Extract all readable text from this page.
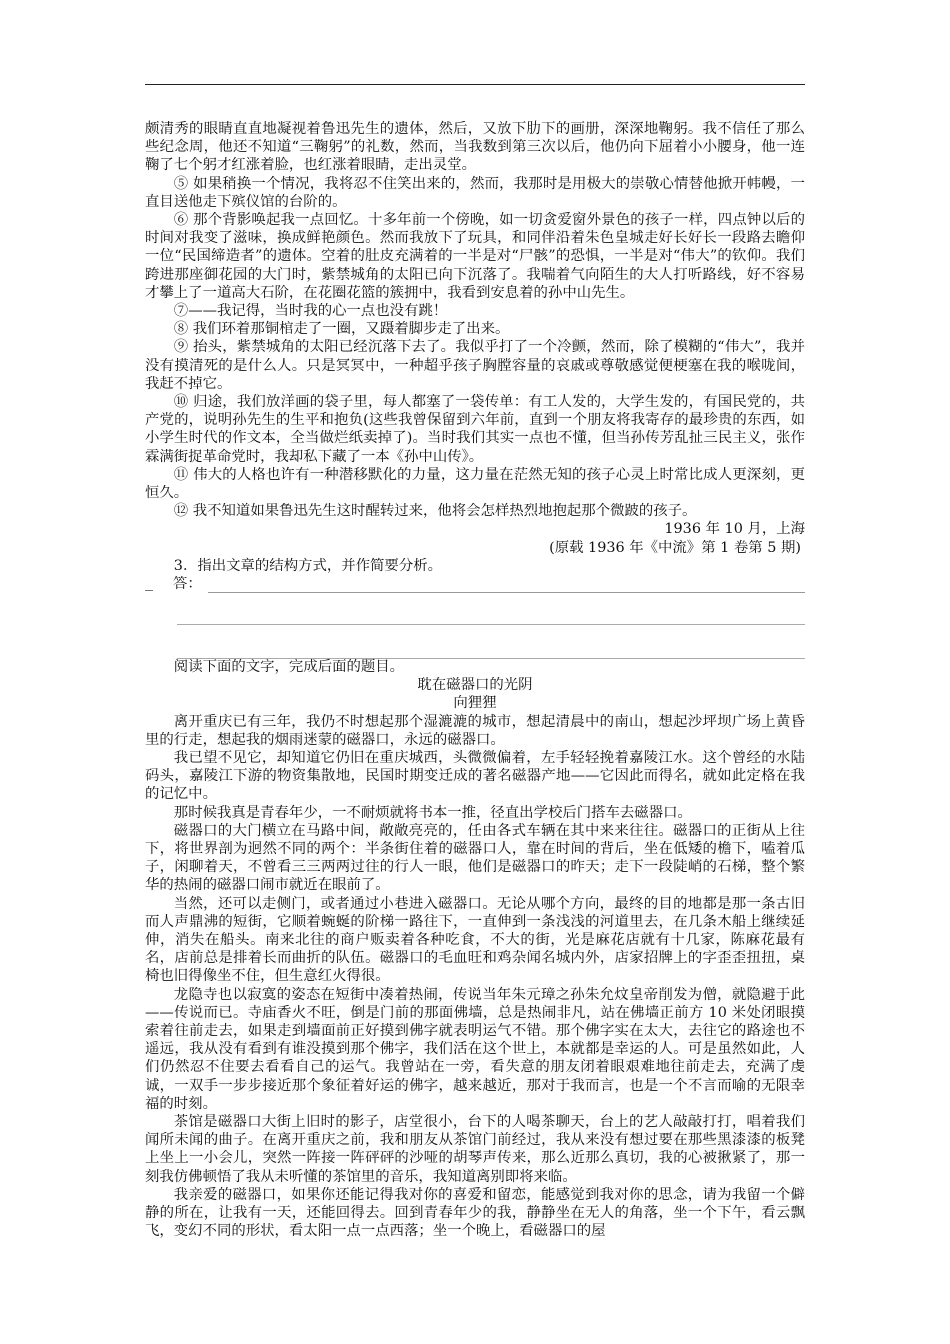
颇清秀的眼睛直直地凝视着鲁迅先生的遗体，然后，又放下肋下的画册，深深地鞠躬。我不信任了那么些纪念周，他还不知道“三鞠躬”的礼数，然而，当我数到第三次以后，他仍向下屈着小小腰身，他一连鞠了七个躬才红涨着脸，也红涨着眼睛，走出灵堂。

⑤ 如果稍换一个情况，我将忍不住笑出来的，然而，我那时是用极大的崇敬心情替他掀开帏幔，一直目送他走下殡仪馆的台阶的。

⑥ 那个背影唤起我一点回忆。十多年前一个傍晚，如一切贪爱窗外景色的孩子一样，四点钟以后的时间对我变了滋味，换成鲜艳颜色。然而我放下了玩具，和同伴沿着朱色皇城走好长好长一段路去瞻仰一位“民国缔造者”的遗体。空着的肚皮充满着的一半是对“尸骸”的恐惧，一半是对“伟大”的钦仰。我们跨进那座御花园的大门时，紫禁城角的太阳已向下沉落了。我喘着气向陌生的大人打听路线，好不容易才攀上了一道高大石阶，在花圈花篮的簇拥中，我看到安息着的孙中山先生。

⑦——我记得，当时我的心一点也没有跳！

⑧ 我们环着那铜棺走了一圈，又蹑着脚步走了出来。

⑨ 抬头，紫禁城角的太阳已经沉落下去了。我似乎打了一个冷颤，然而，除了模糊的“伟大”，我并没有摸清死的是什么人。只是冥冥中，一种超乎孩子胸膛容量的哀戚或尊敬感觉便梗塞在我的喉咙间，我赶不掉它。

⑩ 归途，我们放洋画的袋子里，每人都塞了一袋传单：有工人发的，大学生发的，有国民党的，共产党的，说明孙先生的生平和抱负(这些我曾保留到六年前，直到一个朋友将我寄存的最珍贵的东西，如小学生时代的作文本，全当做烂纸卖掉了)。当时我们其实一点也不懂，但当孙传芳乱扯三民主义，张作霖满街捉革命党时，我却私下藏了一本《孙中山传》。

⑪ 伟大的人格也许有一种潜移默化的力量，这力量在茫然无知的孩子心灵上时常比成人更深刻，更恒久。

⑫ 我不知道如果鲁迅先生这时醒转过来，他将会怎样热烈地抱起那个微跛的孩子。

1936 年 10 月，上海

(原载 1936 年《中流》第 1 卷第 5 期)

3．指出文章的结构方式，并作简要分析。

答：

阅读下面的文字，完成后面的题目。

耽在磁器口的光阴

向狸狸

离开重庆已有三年，我仍不时想起那个湿漉漉的城市，想起清晨中的南山，想起沙坪坝广场上黄昏里的行走，想起我的烟雨迷蒙的磁器口，永远的磁器口。

我已望不见它，却知道它仍旧在重庆城西，头微微偏着，左手轻轻挽着嘉陵江水。这个曾经的水陆码头，嘉陵江下游的物资集散地，民国时期变迁成的著名磁器产地——它因此而得名，就如此定格在我的记忆中。

那时候我真是青春年少，一不耐烦就将书本一推，径直出学校后门搭车去磁器口。

磁器口的大门横立在马路中间，敞敞亮亮的，任由各式车辆在其中来来往往。磁器口的正街从上往下，将世界剖为迥然不同的两个：半条街住着的磁器口人，靠在时间的背后，坐在低矮的檐下，嗑着瓜子，闲聊着天，不曾看三三两两过往的行人一眼，他们是磁器口的昨天；走下一段陡峭的石梯，整个繁华的热闹的磁器口闹市就近在眼前了。

当然，还可以走侧门，或者通过小巷进入磁器口。无论从哪个方向，最终的目的地都是那一条古旧而人声鼎沸的短街，它顺着蜿蜒的阶梯一路往下，一直伸到一条浅浅的河道里去，在几条木船上继续延伸，消失在船头。南来北往的商户贩卖着各种吃食，不大的街，光是麻花店就有十几家，陈麻花最有名，店前总是排着长而曲折的队伍。磁器口的毛血旺和鸡杂闻名城内外，店家招牌上的字歪歪扭扭，桌椅也旧得像坐不住，但生意红火得很。

龙隐寺也以寂寞的姿态在短街中凑着热闹，传说当年朱元璋之孙朱允炆皇帝削发为僧，就隐避于此——传说而已。寺庙香火不旺，倒是门前的那面佛墙，总是热闹非凡，站在佛墙正前方 10 米处闭眼摸索着往前走去，如果走到墙面前正好摸到佛字就表明运气不错。那个佛字实在太大，去往它的路途也不遥远，我从没有看到有谁没摸到那个佛字，我们活在这个世上，本就都是幸运的人。可是虽然如此，人们仍然忍不住要去看看自己的运气。我曾站在一旁，看失意的朋友闭着眼艰难地往前走去，充满了虔诚，一双手一步步接近那个象征着好运的佛字，越来越近，那对于我而言，也是一个不言而喻的无限幸福的时刻。

茶馆是磁器口大街上旧时的影子，店堂很小，台下的人喝茶聊天，台上的艺人敲敲打打，唱着我们闻所未闻的曲子。在离开重庆之前，我和朋友从茶馆门前经过，我从来没有想过要在那些黑漆漆的板凳上坐上一小会儿，突然一阵接一阵砰砰的沙哑的胡琴声传来，那么近那么真切，我的心被揪紧了，那一刻我仿佛顿悟了我从未听懂的茶馆里的音乐，我知道离别即将来临。

我亲爱的磁器口，如果你还能记得我对你的喜爱和留恋，能感觉到我对你的思念，请为我留一个僻静的所在，让我有一天，还能回得去。回到青春年少的我，静静坐在无人的角落，坐一个下午，看云飘飞，变幻不同的形状，看太阳一点一点西落；坐一个晚上，看磁器口的屋
